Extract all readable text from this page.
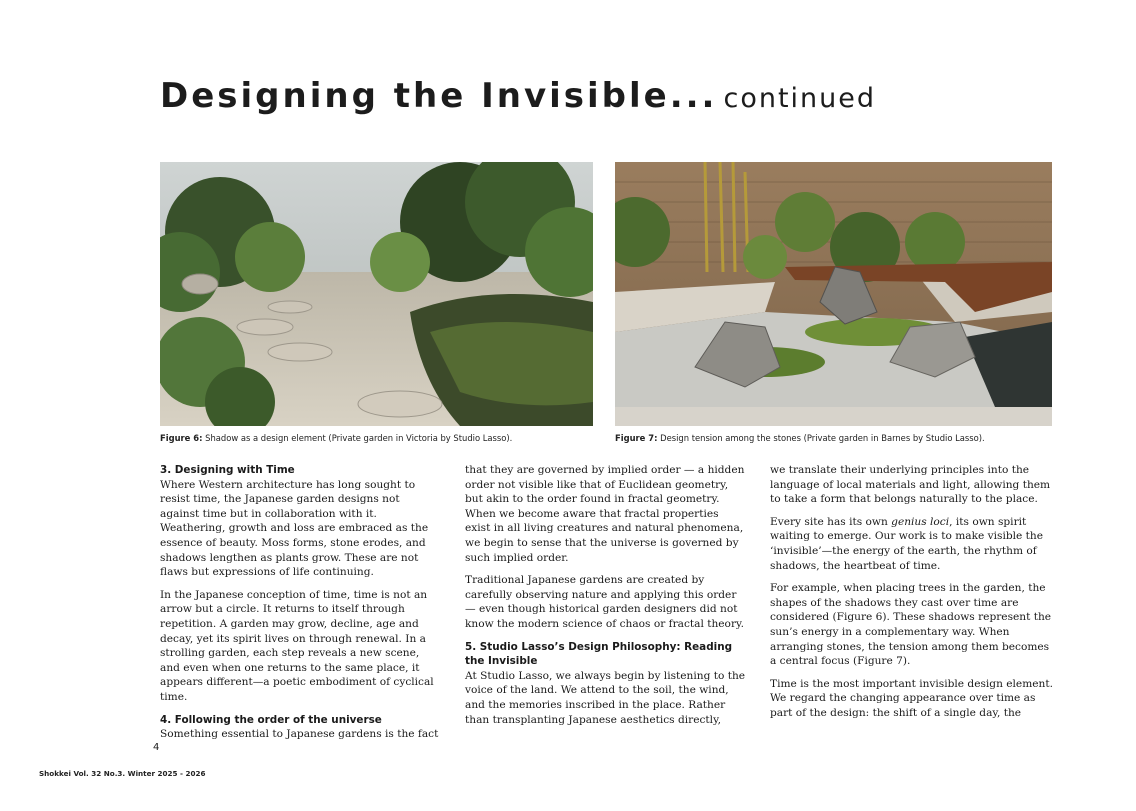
Designing the Invisible... continued
Figure 6: Shadow as a design element (Private garden in Victoria by Studio Lasso).	Figure 7: Design tension among the stones (Private garden in Barnes by Studio Lasso).

3. Designing with Time
Where Western architecture has long sought to resist time, the Japanese garden designs not against time but in collaboration with it. Weathering, growth and loss are embraced as the essence of beauty. Moss forms, stone erodes, and shadows lengthen as plants grow. These are not flaws but expressions of life continuing.

In the Japanese conception of time, time is not an arrow but a circle. It returns to itself through repetition. A garden may grow, decline, age and decay, yet its spirit lives on through renewal. In a strolling garden, each step reveals a new scene, and even when one returns to the same place, it appears different—a poetic embodiment of cyclical time.

4. Following the order of the universe
Something essential to Japanese gardens is the fact

that they are governed by implied order — a hidden order not visible like that of Euclidean geometry, but akin to the order found in fractal geometry. When we become aware that fractal properties exist in all living creatures and natural phenomena, we begin to sense that the universe is governed by such implied order.

Traditional Japanese gardens are created by carefully observing nature and applying this order — even though historical garden designers did not know the modern science of chaos or fractal theory.

5. Studio Lasso’s Design Philosophy: Reading the Invisible
At Studio Lasso, we always begin by listening to the voice of the land. We attend to the soil, the wind, and the memories inscribed in the place. Rather than transplanting Japanese aesthetics directly,

we translate their underlying principles into the language of local materials and light, allowing them to take a form that belongs naturally to the place.

Every site has its own genius loci, its own spirit waiting to emerge. Our work is to make visible the ‘invisible’—the energy of the earth, the rhythm of shadows, the heartbeat of time.

For example, when placing trees in the garden, the shapes of the shadows they cast over time are considered (Figure 6). These shadows represent the sun’s energy in a complementary way. When arranging stones, the tension among them becomes a central focus (Figure 7).

Time is the most important invisible design element. We regard the changing appearance over time as part of the design: the shift of a single day, the

4
Shokkei Vol. 32 No.3. Winter 2025 - 2026
